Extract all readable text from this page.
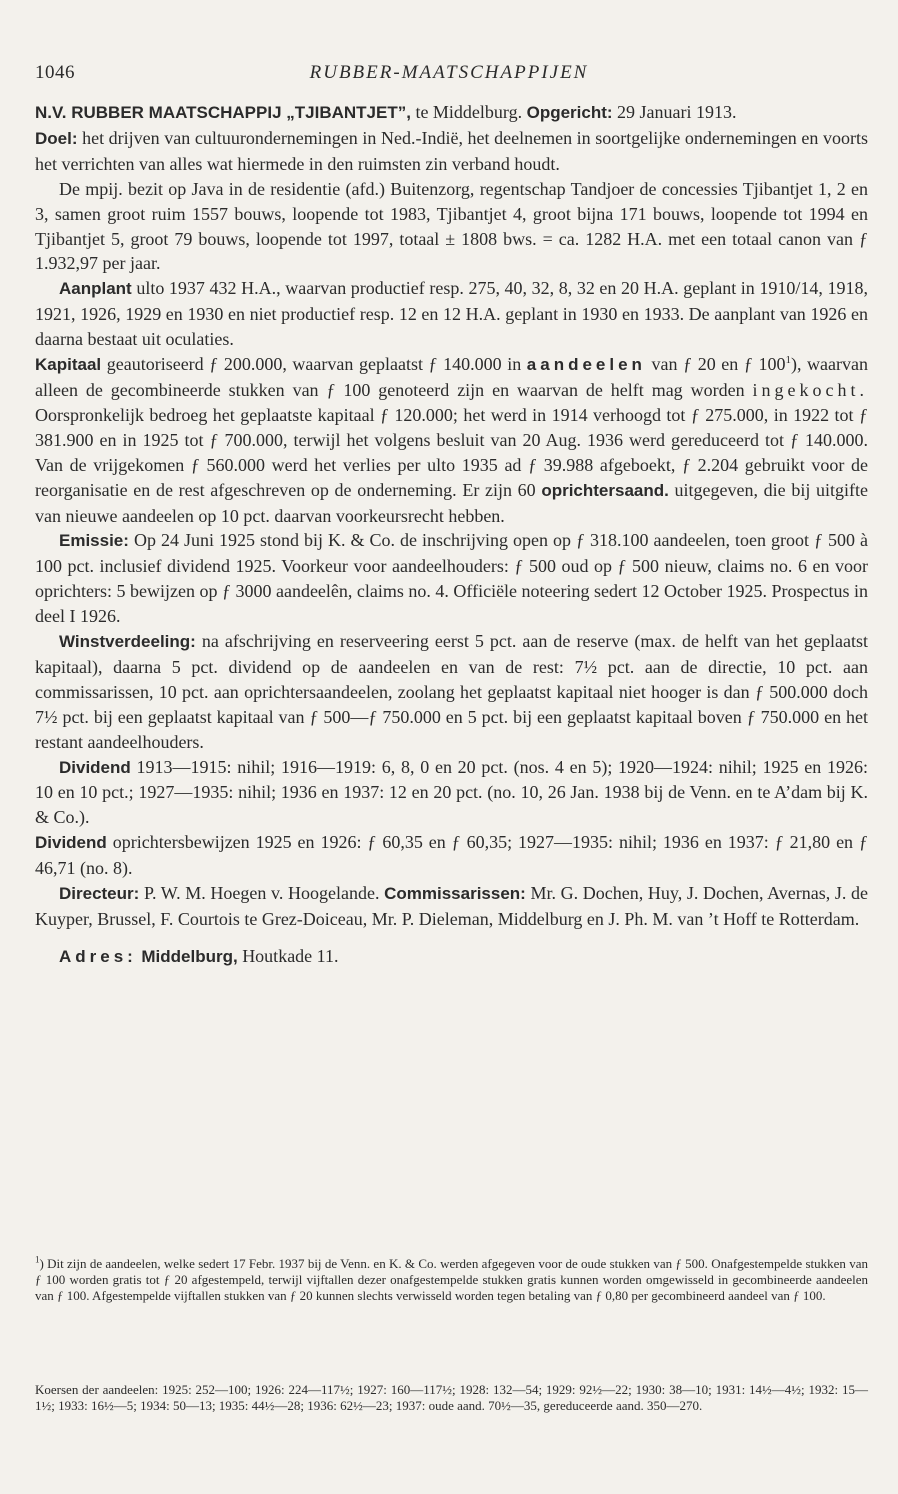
1046	RUBBER-MAATSCHAPPIJEN

N.V. RUBBER MAATSCHAPPIJ „TJIBANTJET”, te Middelburg. Opgericht: 29 Januari 1913.

Doel: het drijven van cultuurondernemingen in Ned.-Indië, het deelnemen in soortgelijke ondernemingen en voorts het verrichten van alles wat hiermede in den ruimsten zin verband houdt.

De mpij. bezit op Java in de residentie (afd.) Buitenzorg, regentschap Tandjoer de concessies Tjibantjet 1, 2 en 3, samen groot ruim 1557 bouws, loopende tot 1983, Tjibantjet 4, groot bijna 171 bouws, loopende tot 1994 en Tjibantjet 5, groot 79 bouws, loopende tot 1997, totaal ± 1808 bws. = ca. 1282 H.A. met een totaal canon van ƒ 1.932,97 per jaar.

Aanplant ulto 1937 432 H.A., waarvan productief resp. 275, 40, 32, 8, 32 en 20 H.A. geplant in 1910/14, 1918, 1921, 1926, 1929 en 1930 en niet productief resp. 12 en 12 H.A. geplant in 1930 en 1933. De aanplant van 1926 en daarna bestaat uit oculaties.

Kapitaal geautoriseerd ƒ 200.000, waarvan geplaatst ƒ 140.000 in aandeelen van ƒ 20 en ƒ $100^1$), waarvan alleen de gecombineerde stukken van ƒ 100 genoteerd zijn en waarvan de helft mag worden ingekocht. Oorspronkelijk bedroeg het geplaatste kapitaal ƒ 120.000; het werd in 1914 verhoogd tot ƒ 275.000, in 1922 tot ƒ 381.900 en in 1925 tot ƒ 700.000, terwijl het volgens besluit van 20 Aug. 1936 werd gereduceerd tot ƒ 140.000. Van de vrijgekomen ƒ 560.000 werd het verlies per ulto 1935 ad ƒ 39.988 afgeboekt, ƒ 2.204 gebruikt voor de reorganisatie en de rest afgeschreven op de onderneming. Er zijn 60 oprichtersaand. uitgegeven, die bij uitgifte van nieuwe aandeelen op 10 pct. daarvan voorkeursrecht hebben.

Emissie: Op 24 Juni 1925 stond bij K. & Co. de inschrijving open op ƒ 318.100 aandeelen, toen groot ƒ 500 à 100 pct. inclusief dividend 1925. Voorkeur voor aandeelhouders: ƒ 500 oud op ƒ 500 nieuw, claims no. 6 en voor oprichters: 5 bewijzen op ƒ 3000 aandeelên, claims no. 4. Officiële noteering sedert 12 October 1925. Prospectus in deel I 1926.

Winstverdeeling: na afschrijving en reserveering eerst 5 pct. aan de reserve (max. de helft van het geplaatst kapitaal), daarna 5 pct. dividend op de aandeelen en van de rest: 7½ pct. aan de directie, 10 pct. aan commissarissen, 10 pct. aan oprichtersaandeelen, zoolang het geplaatst kapitaal niet hooger is dan ƒ 500.000 doch 7½ pct. bij een geplaatst kapitaal van ƒ 500—ƒ 750.000 en 5 pct. bij een geplaatst kapitaal boven ƒ 750.000 en het restant aandeelhouders.

Dividend 1913—1915: nihil; 1916—1919: 6, 8, 0 en 20 pct. (nos. 4 en 5); 1920—1924: nihil; 1925 en 1926: 10 en 10 pct.; 1927—1935: nihil; 1936 en 1937: 12 en 20 pct. (no. 10, 26 Jan. 1938 bij de Venn. en te A’dam bij K. & Co.).

Dividend oprichtersbewijzen 1925 en 1926: ƒ 60,35 en ƒ 60,35; 1927—1935: nihil; 1936 en 1937: ƒ 21,80 en ƒ 46,71 (no. 8).

Directeur: P. W. M. Hoegen v. Hoogelande. Commissarissen: Mr. G. Dochen, Huy, J. Dochen, Avernas, J. de Kuyper, Brussel, F. Courtois te Grez-Doiceau, Mr. P. Dieleman, Middelburg en J. Ph. M. van ’t Hoff te Rotterdam.

Adres: Middelburg, Houtkade 11.

$^1$) Dit zijn de aandeelen, welke sedert 17 Febr. 1937 bij de Venn. en K. & Co. werden afgegeven voor de oude stukken van ƒ 500. Onafgestempelde stukken van ƒ 100 worden gratis tot ƒ 20 afgestempeld, terwijl vijftallen dezer onafgestempelde stukken gratis kunnen worden omgewisseld in gecombineerde aandeelen van ƒ 100. Afgestempelde vijftallen stukken van ƒ 20 kunnen slechts verwisseld worden tegen betaling van ƒ 0,80 per gecombineerd aandeel van ƒ 100.
Koersen der aandeelen: 1925: 252—100; 1926: 224—117½; 1927: 160—117½; 1928: 132—54; 1929: 92½—22; 1930: 38—10; 1931: 14½—4½; 1932: 15—1½; 1933: 16½—5; 1934: 50—13; 1935: 44½—28; 1936: 62½—23; 1937: oude aand. 70½—35, gereduceerde aand. 350—270.
